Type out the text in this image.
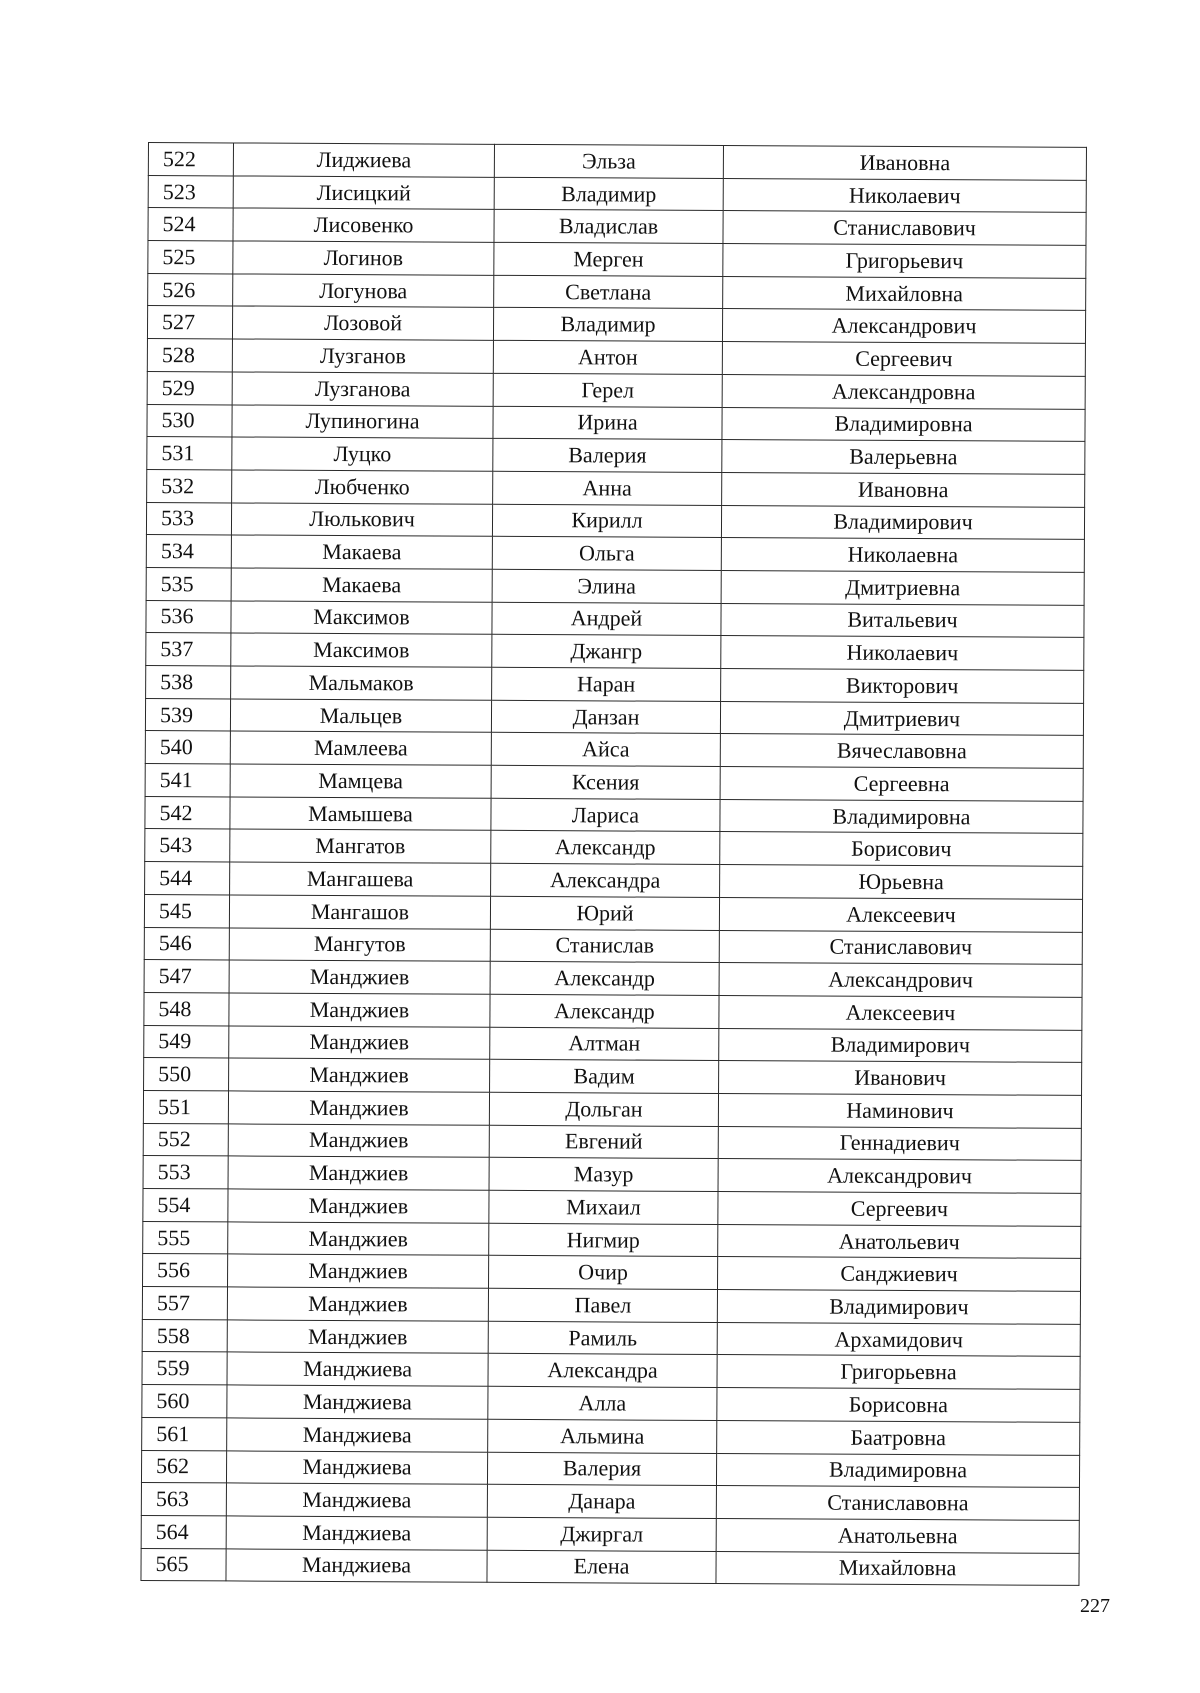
522	Лиджиева	Эльза	Ивановна
523	Лисицкий	Владимир	Николаевич
524	Лисовенко	Владислав	Станиславович
525	Логинов	Мерген	Григорьевич
526	Логунова	Светлана	Михайловна
527	Лозовой	Владимир	Александрович
528	Лузганов	Антон	Сергеевич
529	Лузганова	Герел	Александровна
530	Лупиногина	Ирина	Владимировна
531	Луцко	Валерия	Валерьевна
532	Любченко	Анна	Ивановна
533	Люлькович	Кирилл	Владимирович
534	Макаева	Ольга	Николаевна
535	Макаева	Элина	Дмитриевна
536	Максимов	Андрей	Витальевич
537	Максимов	Джангр	Николаевич
538	Мальмаков	Наран	Викторович
539	Мальцев	Данзан	Дмитриевич
540	Мамлеева	Айса	Вячеславовна
541	Мамцева	Ксения	Сергеевна
542	Мамышева	Лариса	Владимировна
543	Мангатов	Александр	Борисович
544	Мангашева	Александра	Юрьевна
545	Мангашов	Юрий	Алексеевич
546	Мангутов	Станислав	Станиславович
547	Манджиев	Александр	Александрович
548	Манджиев	Александр	Алексеевич
549	Манджиев	Алтман	Владимирович
550	Манджиев	Вадим	Иванович
551	Манджиев	Дольган	Наминович
552	Манджиев	Евгений	Геннадиевич
553	Манджиев	Мазур	Александрович
554	Манджиев	Михаил	Сергеевич
555	Манджиев	Нигмир	Анатольевич
556	Манджиев	Очир	Санджиевич
557	Манджиев	Павел	Владимирович
558	Манджиев	Рамиль	Архамидович
559	Манджиева	Александра	Григорьевна
560	Манджиева	Алла	Борисовна
561	Манджиева	Альмина	Баатровна
562	Манджиева	Валерия	Владимировна
563	Манджиева	Данара	Станиславовна
564	Манджиева	Джиргал	Анатольевна
565	Манджиева	Елена	Михайловна
227
